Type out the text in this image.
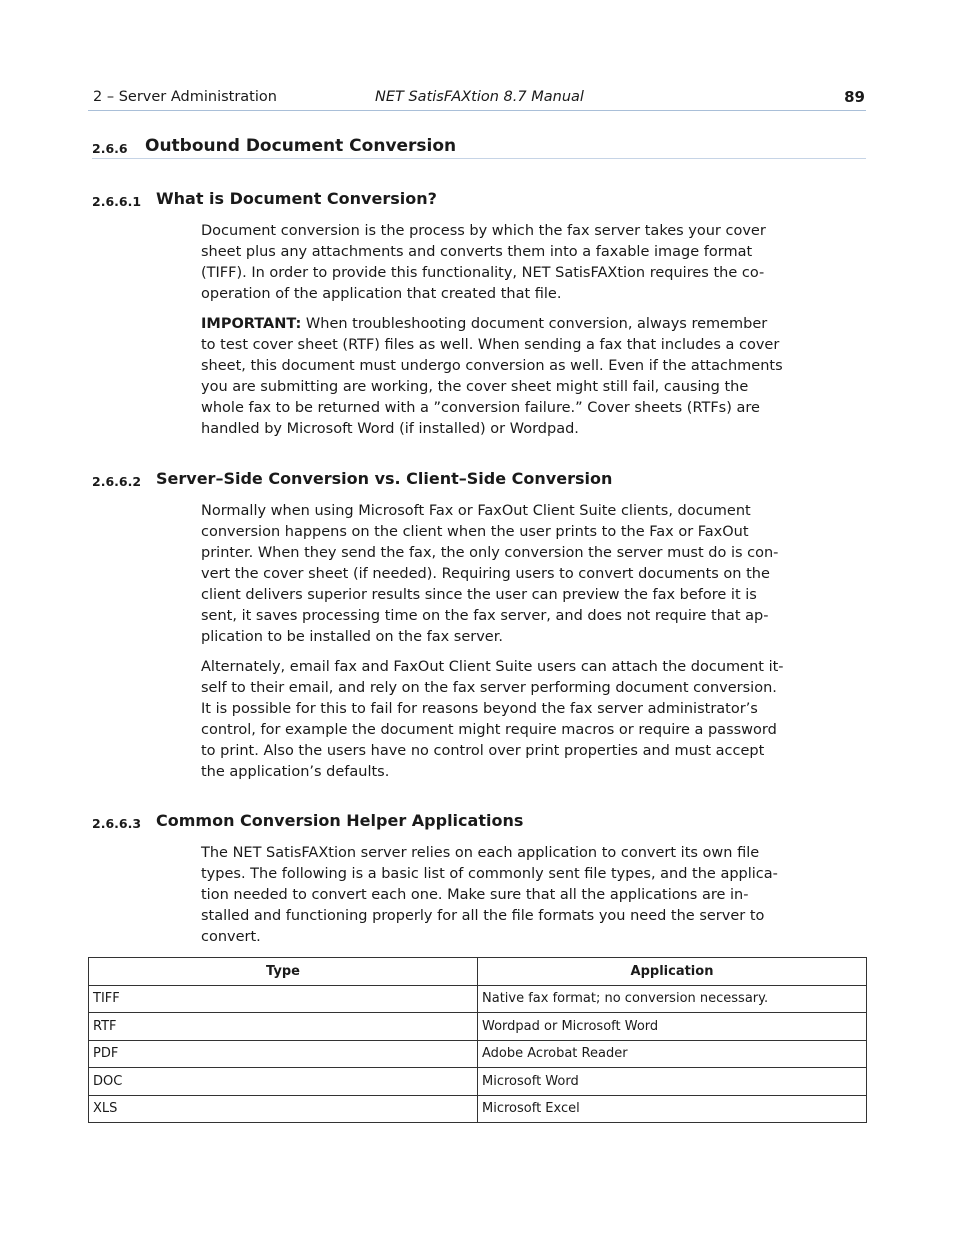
2 – Server Administration	NET SatisFAXtion 8.7 Manual	89
2.6.6 Outbound Document Conversion
2.6.6.1 What is Document Conversion?

Document conversion is the process by which the fax server takes your cover
sheet plus any attachments and converts them into a faxable image format
(TIFF). In order to provide this functionality, NET SatisFAXtion requires the co-
operation of the application that created that file.

IMPORTANT: When troubleshooting document conversion, always remember
to test cover sheet (RTF) files as well. When sending a fax that includes a cover
sheet, this document must undergo conversion as well. Even if the attachments
you are submitting are working, the cover sheet might still fail, causing the
whole fax to be returned with a ”conversion failure.” Cover sheets (RTFs) are
handled by Microsoft Word (if installed) or Wordpad.

2.6.6.2 Server–Side Conversion vs. Client–Side Conversion

Normally when using Microsoft Fax or FaxOut Client Suite clients, document
conversion happens on the client when the user prints to the Fax or FaxOut
printer. When they send the fax, the only conversion the server must do is con-
vert the cover sheet (if needed). Requiring users to convert documents on the
client delivers superior results since the user can preview the fax before it is
sent, it saves processing time on the fax server, and does not require that ap-
plication to be installed on the fax server.

Alternately, email fax and FaxOut Client Suite users can attach the document it-
self to their email, and rely on the fax server performing document conversion.
It is possible for this to fail for reasons beyond the fax server administrator’s
control, for example the document might require macros or require a password
to print. Also the users have no control over print properties and must accept
the application’s defaults.

2.6.6.3 Common Conversion Helper Applications

The NET SatisFAXtion server relies on each application to convert its own file
types. The following is a basic list of commonly sent file types, and the applica-
tion needed to convert each one. Make sure that all the applications are in-
stalled and functioning properly for all the file formats you need the server to
convert.

Type	Application
TIFF	Native fax format; no conversion necessary.
RTF	Wordpad or Microsoft Word
PDF	Adobe Acrobat Reader
DOC	Microsoft Word
XLS	Microsoft Excel
